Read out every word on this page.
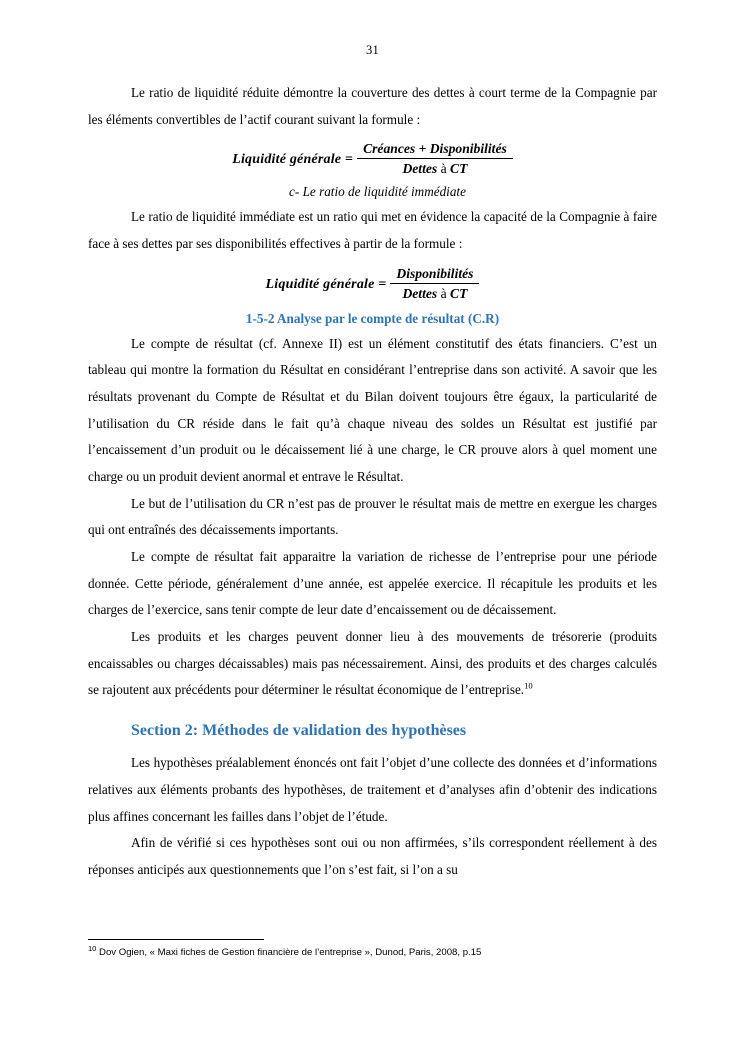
31

Le ratio de liquidité réduite démontre la couverture des dettes à court terme de la Compagnie par les éléments convertibles de l’actif courant suivant la formule :

Liquidité générale = $\frac{\text{Créances + Disponibilités}}{\text{Dettes à CT}}$
c- Le ratio de liquidité immédiate

Le ratio de liquidité immédiate est un ratio qui met en évidence la capacité de la Compagnie à faire face à ses dettes par ses disponibilités effectives à partir de la formule :

Liquidité générale = $\frac{\text{Disponibilités}}{\text{Dettes à CT}}$
1-5-2 Analyse par le compte de résultat (C.R)

Le compte de résultat (cf. Annexe II) est un élément constitutif des états financiers. C’est un tableau qui montre la formation du Résultat en considérant l’entreprise dans son activité. A savoir que les résultats provenant du Compte de Résultat et du Bilan doivent toujours être égaux, la particularité de l’utilisation du CR réside dans le fait qu’à chaque niveau des soldes un Résultat est justifié par l’encaissement d’un produit ou le décaissement lié à une charge, le CR prouve alors à quel moment une charge ou un produit devient anormal et entrave le Résultat.

Le but de l’utilisation du CR n’est pas de prouver le résultat mais de mettre en exergue les charges qui ont entraînés des décaissements importants.

Le compte de résultat fait apparaitre la variation de richesse de l’entreprise pour une période donnée. Cette période, généralement d’une année, est appelée exercice. Il récapitule les produits et les charges de l’exercice, sans tenir compte de leur date d’encaissement ou de décaissement.

Les produits et les charges peuvent donner lieu à des mouvements de trésorerie (produits encaissables ou charges décaissables) mais pas nécessairement. Ainsi, des produits et des charges calculés se rajoutent aux précédents pour déterminer le résultat économique de l’entreprise.$^{10}$

Section 2: Méthodes de validation des hypothèses

Les hypothèses préalablement énoncés ont fait l’objet d’une collecte des données et d’informations relatives aux éléments probants des hypothèses, de traitement et d’analyses afin d’obtenir des indications plus affines concernant les failles dans l’objet de l’étude.

Afin de vérifié si ces hypothèses sont oui ou non affirmées, s’ils correspondent réellement à des réponses anticipés aux questionnements que l’on s’est fait, si l’on a su

$^{10}$ Dov Ogien, « Maxi fiches de Gestion financière de l’entreprise », Dunod, Paris, 2008, p.15
